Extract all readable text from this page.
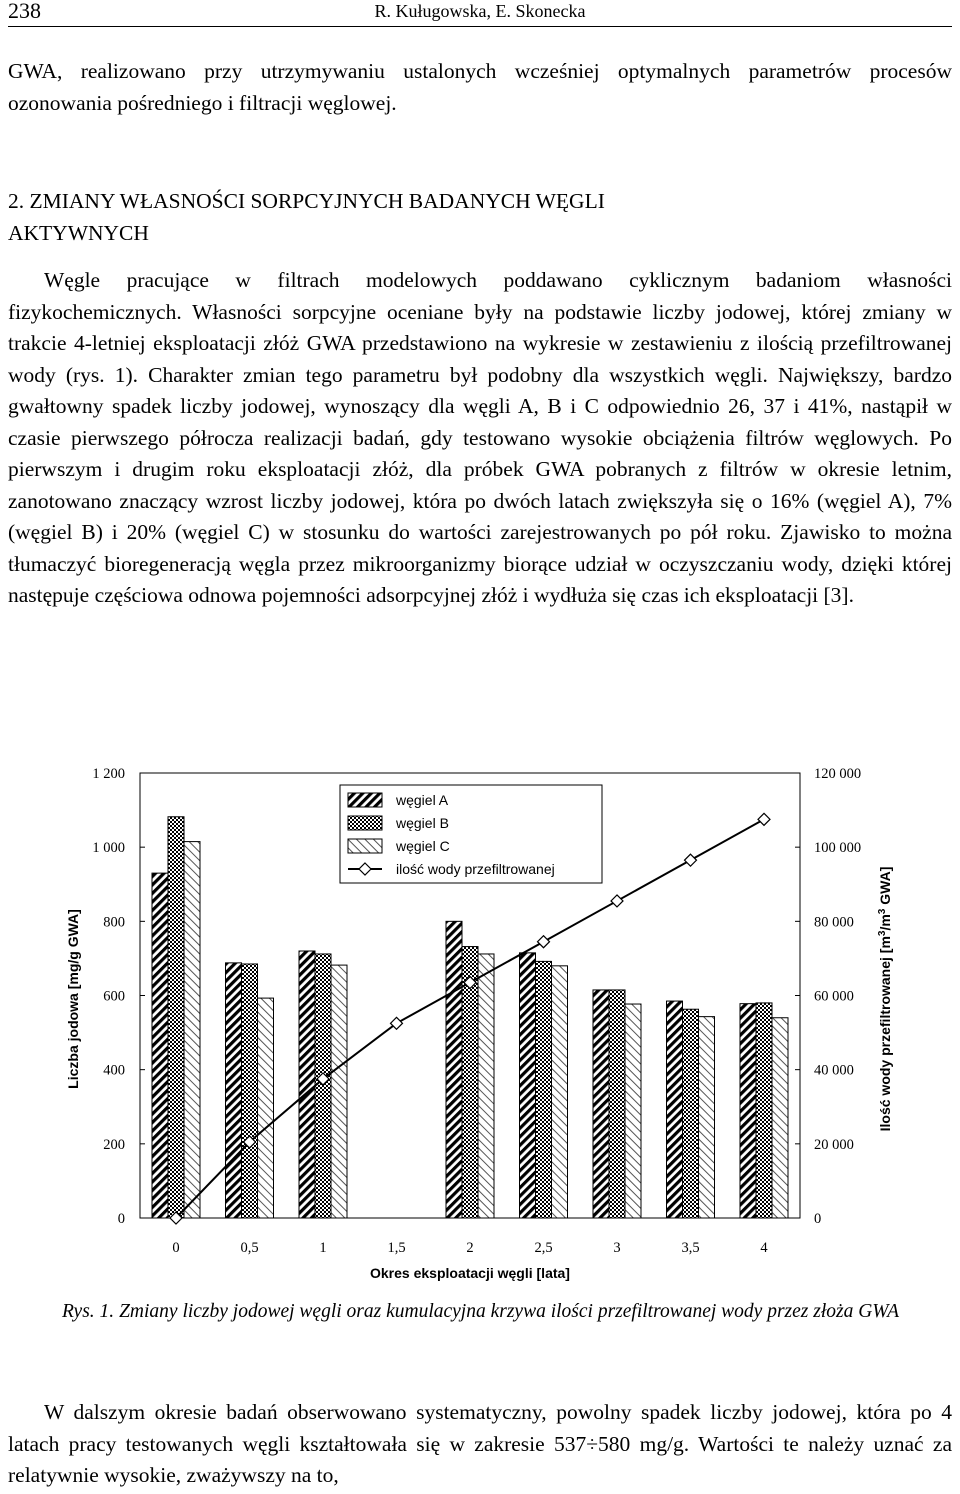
238	R. Kuługowska, E. Skonecka
GWA, realizowano przy utrzymywaniu ustalonych wcześniej optymalnych parametrów procesów ozonowania pośredniego i filtracji węglowej.
2. ZMIANY WŁASNOŚCI SORPCYJNYCH BADANYCH WĘGLI
AKTYWNYCH
Węgle pracujące w filtrach modelowych poddawano cyklicznym badaniom własności fizykochemicznych. Własności sorpcyjne oceniane były na podstawie liczby jodowej, której zmiany w trakcie 4-letniej eksploatacji złóż GWA przedstawiono na wykresie w zestawieniu z ilością przefiltrowanej wody (rys. 1). Charakter zmian tego parametru był podobny dla wszystkich węgli. Największy, bardzo gwałtowny spadek liczby jodowej, wynoszący dla węgli A, B i C odpowiednio 26, 37 i 41%, nastąpił w czasie pierwszego półrocza realizacji badań, gdy testowano wysokie obciążenia filtrów węglowych. Po pierwszym i drugim roku eksploatacji złóż, dla próbek GWA pobranych z filtrów w okresie letnim, zanotowano znaczący wzrost liczby jodowej, która po dwóch latach zwiększyła się o 16% (węgiel A), 7% (węgiel B) i 20% (węgiel C) w stosunku do wartości zarejestrowanych po pół roku. Zjawisko to można tłumaczyć bioregeneracją węgla przez mikroorganizmy biorące udział w oczyszczaniu wody, dzięki której następuje częściowa odnowa pojemności adsorpcyjnej złóż i wydłuża się czas ich eksploatacji [3].
0
200
400
600
800
1 000
1 200
0
20 000
40 000
60 000
80 000
100 000
120 000
0	0,5	1	1,5	2	2,5	3	3,5	4
węgiel A
węgiel B
węgiel C
ilość wody przefiltrowanej
Okres eksploatacji węgli [lata]
Liczba jodowa [mg/g GWA]	Ilość wody przefiltrowanej [$m^3/m^3$ GWA]
Rys. 1. Zmiany liczby jodowej węgli oraz kumulacyjna krzywa ilości przefiltrowanej wody przez złoża GWA
W dalszym okresie badań obserwowano systematyczny, powolny spadek liczby jodowej, która po 4 latach pracy testowanych węgli kształtowała się w zakresie 537÷580 mg/g. Wartości te należy uznać za relatywnie wysokie, zważywszy na to,
